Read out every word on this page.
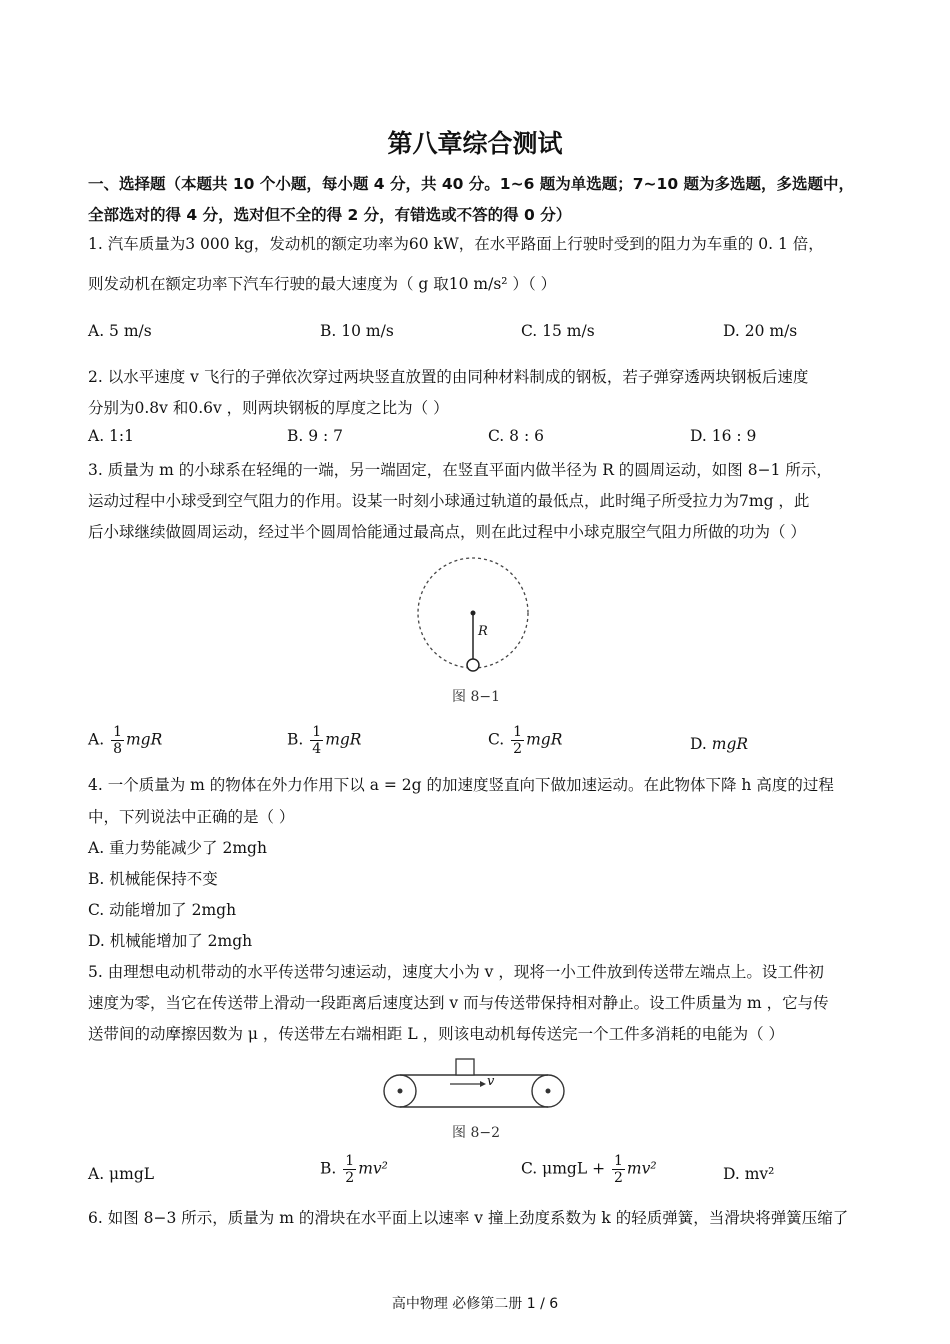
第八章综合测试
一、选择题（本题共 10 个小题，每小题 4 分，共 40 分。1~6 题为单选题；7~10 题为多选题，多选题中，
全部选对的得 4 分，选对但不全的得 2 分，有错选或不答的得 0 分）
1. 汽车质量为3 000 kg，发动机的额定功率为60 kW，在水平路面上行驶时受到的阻力为车重的 0. 1 倍，
则发动机在额定功率下汽车行驶的最大速度为（ g 取10 m/s² ）（ ）
A. 5 m/s	B. 10 m/s	C. 15 m/s	D. 20 m/s
2. 以水平速度 v 飞行的子弹依次穿过两块竖直放置的由同种材料制成的钢板，若子弹穿透两块钢板后速度
分别为0.8v 和0.6v ，则两块钢板的厚度之比为（ ）
A. 1:1	B. 9 : 7	C. 8 : 6	D. 16 : 9
3. 质量为 m 的小球系在轻绳的一端，另一端固定，在竖直平面内做半径为 R 的圆周运动，如图 8−1 所示，
运动过程中小球受到空气阻力的作用。设某一时刻小球通过轨道的最低点，此时绳子所受拉力为7mg ，此
后小球继续做圆周运动，经过半个圆周恰能通过最高点，则在此过程中小球克服空气阻力所做的功为（ ）
R
图 8−1
A. $\frac{1}{8}$ mgR	B. $\frac{1}{4}$ mgR	C. $\frac{1}{2}$ mgR	D. mgR
4. 一个质量为 m 的物体在外力作用下以 a = 2g 的加速度竖直向下做加速运动。在此物体下降 h 高度的过程
中，下列说法中正确的是（ ）
A. 重力势能减少了 2mgh
B. 机械能保持不变
C. 动能增加了 2mgh
D. 机械能增加了 2mgh
5. 由理想电动机带动的水平传送带匀速运动，速度大小为 v ，现将一小工件放到传送带左端点上。设工件初
速度为零，当它在传送带上滑动一段距离后速度达到 v 而与传送带保持相对静止。设工件质量为 m ，它与传
送带间的动摩擦因数为 μ ，传送带左右端相距 L ，则该电动机每传送完一个工件多消耗的电能为（ ）
v
图 8−2
A. μmgL	B. $\frac{1}{2} mv^2$	C. $\mu mgL + \frac{1}{2} mv^2$	D. mv²
6. 如图 8−3 所示，质量为 m 的滑块在水平面上以速率 v 撞上劲度系数为 k 的轻质弹簧，当滑块将弹簧压缩了
高中物理 必修第二册 1 / 6
